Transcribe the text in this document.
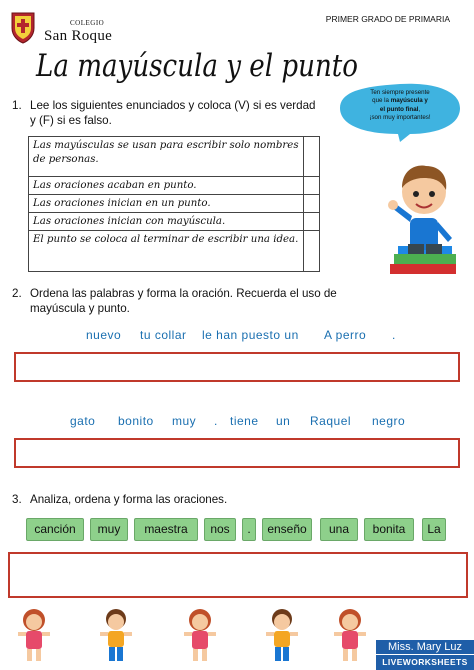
COLEGIO
San Roque
PRIMER GRADO DE PRIMARIA
La mayúscula y el punto
Ten siempre presente
que la mayúscula y
el punto final,
¡son muy importantes!
1. Lee los siguientes enunciados y coloca (V) si es verdad
y (F) si es falso.
Las mayúsculas se usan para escribir solo nombres de personas.
Las oraciones acaban en punto.
Las oraciones inician en un punto.
Las oraciones inician con mayúscula.
El punto se coloca al terminar de escribir una idea.
2. Ordena las palabras y forma la oración. Recuerda el uso de
mayúscula y punto.
nuevo tu collar le han puesto un A perro .
gato bonito muy . tiene un Raquel negro
3. Analiza, ordena y forma las oraciones.
canción	muy	maestra	nos	.	enseño	una	bonita	La
Miss. Mary Luz
LIVEWORKSHEETS
